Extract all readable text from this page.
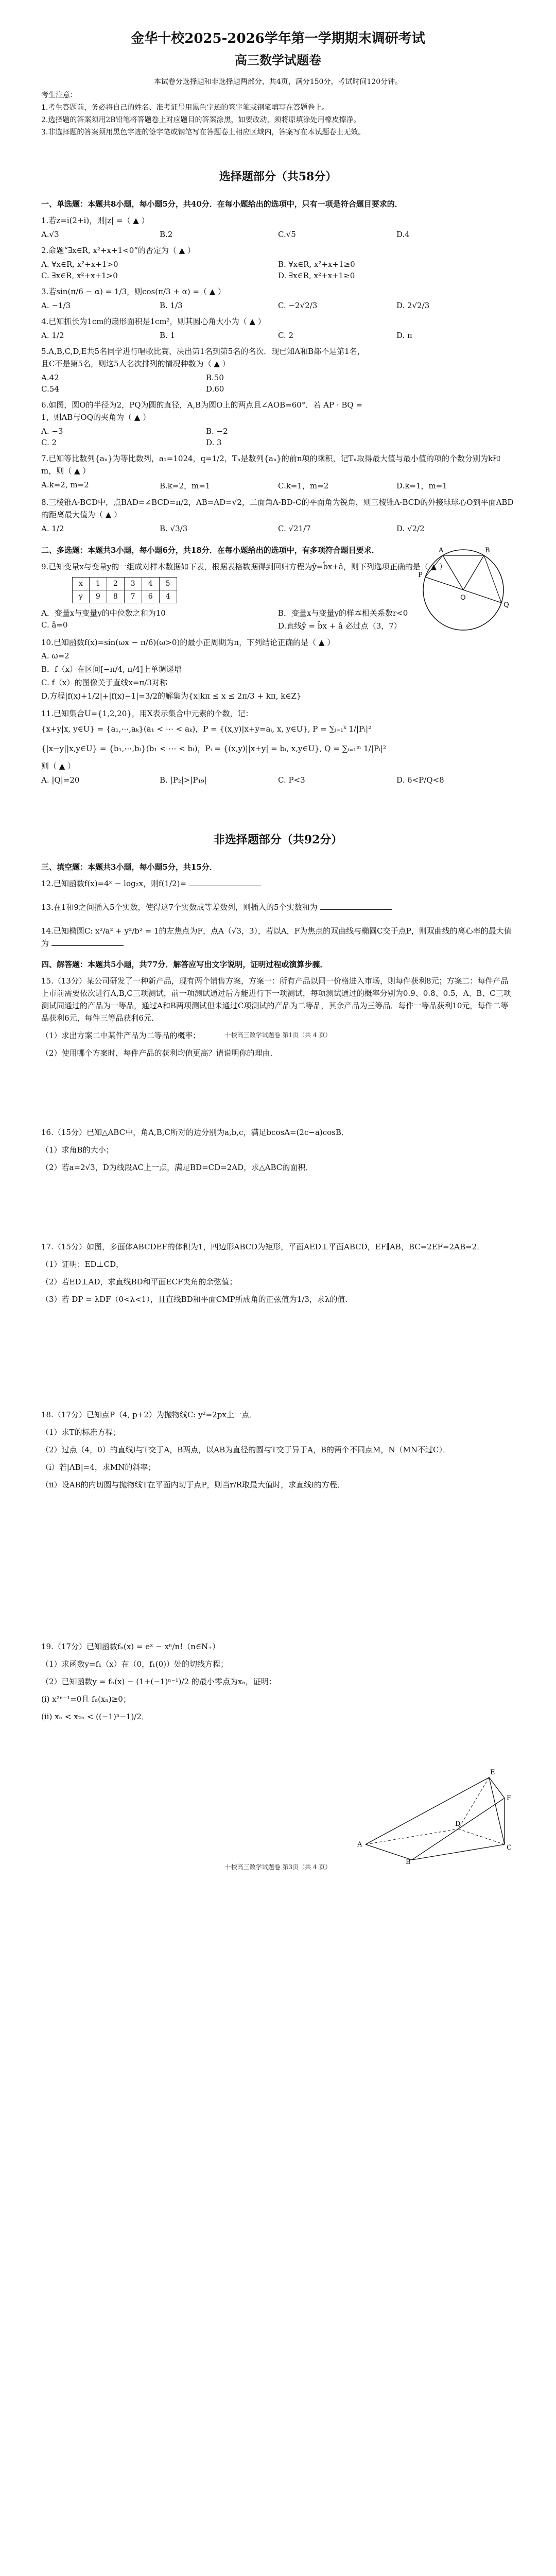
金华十校2025-2026学年第一学期期末调研考试
高三数学试题卷
本试卷分选择题和非选择题两部分，共4页，满分150分，考试时间120分钟。
考生注意：
1.考生答题前，务必将自己的姓名、准考证号用黑色字迹的签字笔或钢笔填写在答题卷上。
2.选择题的答案须用2B铅笔将答题卷上对应题目的答案涂黑，如要改动，须将原填涂处用橡皮擦净。
3.非选择题的答案须用黑色字迹的签字笔或钢笔写在答题卷上相应区域内，答案写在本试题卷上无效。
选择题部分（共58分）
一、单选题：本题共8小题，每小题5分，共40分．在每小题给出的选项中，只有一项是符合题目要求的．
1.若z=i(2+i)，则|z| =（ ▲ ）
A.√3	B.2	C.√5	D.4
2.命题“∃x∈R, x²+x+1<0”的否定为（ ▲ ）
A. ∀x∈R, x²+x+1>0	B. ∀x∈R, x²+x+1≥0
C. ∃x∈R, x²+x+1>0	D. ∃x∈R, x²+x+1≥0
3.若sin(π/6 − α) = 1/3，则cos(π/3 + α) =（ ▲ ）
A. −1/3	B. 1/3	C. −2√2/3	D. 2√2/3
4.已知抓长为1cm的扇形面积是1cm²，则其圆心角大小为（ ▲ ）
A. 1/2	B. 1	C. 2	D. π
5.A,B,C,D,E共5名同学进行唱歌比赛，决出第1名到第5名的名次．现已知A和B都不是第1名，且C不是第5名，则这5人名次排列的情况种数为（ ▲ ）
A.42	B.50
C.54	D.60
6.如图，圆O的半径为2，PQ为圆的直径，A,B为圆O上的两点且∠AOB=60°．若 AP · BQ = 1，则AB与OQ的夹角为（ ▲ ）
A. −3	B. −2
C. 2	D. 3
7.已知等比数列{aₙ}为等比数列，a₁=1024，q=1/2，Tₙ是数列{aₙ}的前n项的乘积，记Tₙ取得最大值与最小值的项的个数分别为k和m，则（ ▲ ）
A.k=2, m=2	B.k=2，m=1	C.k=1，m=2	D.k=1，m=1
8.三棱锥A-BCD中，点BAD=∠BCD=π/2，AB=AD=√2，二面角A-BD-C的平面角为锐角，则三棱锥A-BCD的外接球球心O到平面ABD的距离最大值为（ ▲ ）
A. 1/2	B. √3/3	C. √21/7	D. √2/2
二、多选题：本题共3小题，每小题6分，共18分．在每小题给出的选项中，有多项符合题目要求．
9.已知变量x与变量y的一组成对样本数据如下表，根据表格数据得到回归方程为ŷ=b̂x+â，则下列选项正确的是（ ▲ ）
x	1	2	3	4	5
y	9	8	7	6	4
A．变量x与变量y的中位数之和为10	B．变量x与变量y的样本相关系数r<0
C. â=0	D.直线ŷ = b̂x + â 必过点（3，7）
10.已知函数f(x)=sin(ωx − π/6)(ω>0)的最小正周期为π，下列结论正确的是（ ▲ ）
A. ω=2
B．f（x）在区间[−π/4, π/4]上单调递增
C. f（x）的图像关于直线x=π/3对称
D.方程|f(x)+1/2|+|f(x)−1|=3/2的解集为{x|kπ ≤ x ≤ 2π/3 + kπ, k∈Z}
11.已知集合U={1,2,20}，用X表示集合中元素的个数，记：
{x+y|x, y∈U} = {a₁,⋯,aₖ}(a₁ < ⋯ < aₖ)，P = {(x,y)|x+y=aᵢ, x, y∈U}, P = ∑ᵢ₌₁ᵏ 1/|Pᵢ|²
{|x−y||x,y∈U} = {b₁,⋯,bₗ}(b₁ < ⋯ < bₗ)，Pᵢ = {(x,y)||x+y| = bᵢ, x,y∈U}, Q = ∑ᵢ₌₁ᵐ 1/|Pᵢ|²
则（ ▲ ）
A. |Q|=20	B. |P₂|>|P₁₉|	C. P<3	D. 6<P/Q<8
非选择题部分（共92分）
三、填空题：本题共3小题，每小题5分，共15分．
12.已知函数f(x)=4ˣ − log₂x，则f(1/2)=
13.在1和9之间插入5个实数，使得这7个实数成等差数列，则插入的5个实数和为
14.已知椭圆C: x²/a² + y²/b² = 1的左焦点为F，点A（√3，3），若以A，F为焦点的双曲线与椭圆C交于点P，则双曲线的离心率的最大值为
四、解答题：本题共5小题，共77分．解答应写出文字说明，证明过程或演算步骤．
15.（13分）某公司研发了一种新产品，现有两个销售方案，方案一：所有产品以同一价格进入市场，则每件获利8元；方案二：每件产品上市前需要依次进行A,B,C三项测试，前一项测试通过后方能进行下一项测试，每项测试通过的概率分别为0.9、0.8、0.5，A、B、C三项测试同通过的产品为一等品，通过A和B两项测试但未通过C项测试的产品为二等品，其余产品为三等品．每件一等品获利10元，每件二等品获利6元，每件三等品获利6元．
（1）求出方案二中某件产品为二等品的概率；
（2）使用哪个方案时，每件产品的获利均值更高？请说明你的理由．
16.（15分）已知△ABC中，角A,B,C所对的边分别为a,b,c，满足bcosA=(2c−a)cosB．
（1）求角B的大小；
（2）若a=2√3，D为线段AC上一点，满足BD=CD=2AD，求△ABC的面积．
17.（15分）如图，多面体ABCDEF的体积为1，四边形ABCD为矩形，平面AED⊥平面ABCD，EF∥AB，BC=2EF=2AB=2．
（1）证明：ED⊥CD，
（2）若ED⊥AD，求直线BD和平面ECF夹角的余弦值；
（3）若 DP = λDF（0<λ<1），且直线BD和平面CMP所成角的正弦值为1/3，求λ的值．
18.（17分）已知点P（4, p+2）为抛物线C: y²=2px上一点．
（1）求T的标准方程；
（2）过点（4，0）的直线l与T交于A，B两点，以AB为直径的圆与T交于异于A，B的两个不同点M，N（MN不过C）．
（i）若|AB|=4，求MN的斜率；
（ii）设AB的内切圆与抛物线T在平面内切于点P，则当r/R取最大值时，求直线l的方程．
19.（17分）已知函数fₙ(x) = eˣ − xⁿ/n!（n∈N₊）
（1）求函数y=f₁（x）在（0，f₁(0)）处的切线方程；
（2）已知函数y = fₙ(x) − (1+(−1)ⁿ⁻¹)/2 的最小零点为xₙ，证明：
(i) x²ⁿ⁻¹=0且 fₙ(xₙ)≥0；
(ii) xₙ < x₂ₙ < ((−1)ⁿ−1)/2．
P
A	B
Q
O
E
F
A
B
C
D
十校高三数学试题卷 第1页（共 4 页）
十校高三数学试题卷 第3页（共 4 页）
